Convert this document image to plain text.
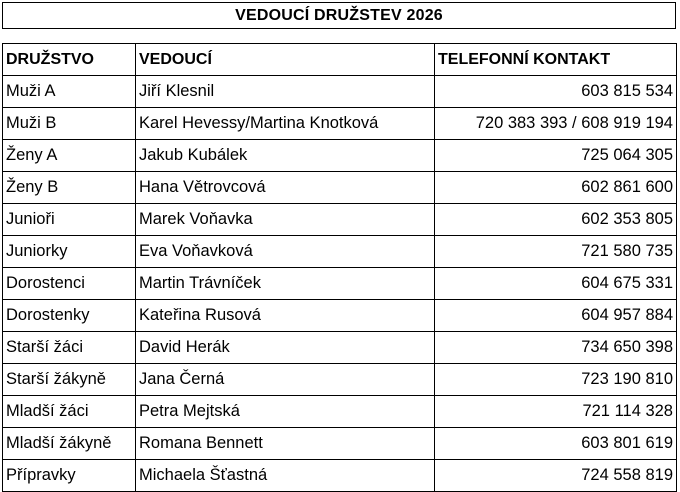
VEDOUCÍ DRUŽSTEV 2026
DRUŽSTVO	VEDOUCÍ	TELEFONNÍ KONTAKT
Muži A	Jiří Klesnil	603 815 534
Muži B	Karel Hevessy/Martina Knotková	720 383 393 / 608 919 194
Ženy A	Jakub Kubálek	725 064 305
Ženy B	Hana Větrovcová	602 861 600
Junioři	Marek Voňavka	602 353 805
Juniorky	Eva Voňavková	721 580 735
Dorostenci	Martin Trávníček	604 675 331
Dorostenky	Kateřina Rusová	604 957 884
Starší žáci	David Herák	734 650 398
Starší žákyně	Jana Černá	723 190 810
Mladší žáci	Petra Mejtská	721 114 328
Mladší žákyně	Romana Bennett	603 801 619
Přípravky	Michaela Šťastná	724 558 819
